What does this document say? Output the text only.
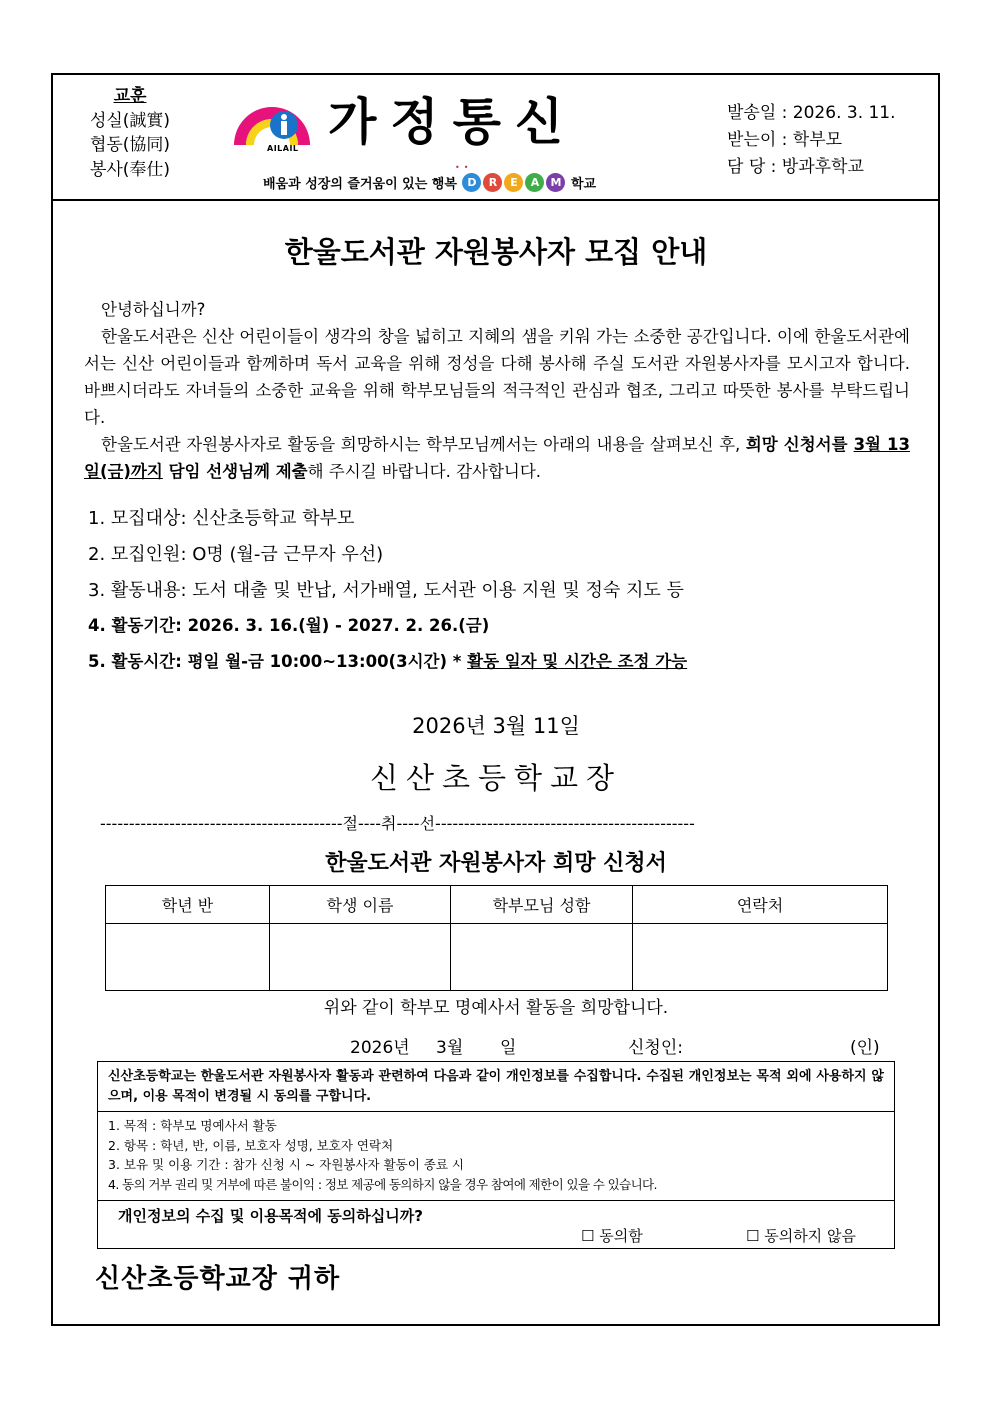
교훈
성실(誠實)
협동(協同)
봉사(奉仕)
AILAIL 가정통신
••
배움과 성장의 즐거움이 있는 행복
D	R	E	A	M
학교
발송일 : 2026. 3. 11.
받는이 : 학부모
담 당 : 방과후학교
한울도서관 자원봉사자 모집 안내

안녕하십니까?

한울도서관은 신산 어린이들이 생각의 창을 넓히고 지혜의 샘을 키워 가는 소중한 공간입니다. 이에 한울도서관에서는 신산 어린이들과 함께하며 독서 교육을 위해 정성을 다해 봉사해 주실 도서관 자원봉사자를 모시고자 합니다. 바쁘시더라도 자녀들의 소중한 교육을 위해 학부모님들의 적극적인 관심과 협조, 그리고 따뜻한 봉사를 부탁드립니다.

한울도서관 자원봉사자로 활동을 희망하시는 학부모님께서는 아래의 내용을 살펴보신 후, 희망 신청서를 3월 13일(금)까지 담임 선생님께 제출해 주시길 바랍니다. 감사합니다.

1. 모집대상: 신산초등학교 학부모
2. 모집인원: O명 (월-금 근무자 우선)
3. 활동내용: 도서 대출 및 반납, 서가배열, 도서관 이용 지원 및 정숙 지도 등
4. 활동기간: 2026. 3. 16.(월) - 2027. 2. 26.(금)
5. 활동시간: 평일 월-금 10:00~13:00(3시간) * 활동 일자 및 시간은 조정 가능
2026년 3월 11일
신산초등학교장
------------------------------------------절----취----선---------------------------------------------
한울도서관 자원봉사자 희망 신청서
학년 반	학생 이름	학부모님 성함	연락처

위와 같이 학부모 명예사서 활동을 희망합니다.
2026년 3월 일	신청인:	(인)
신산초등학교는 한울도서관 자원봉사자 활동과 관련하여 다음과 같이 개인정보를 수집합니다. 수집된 개인정보는 목적 외에 사용하지 않으며, 이용 목적이 변경될 시 동의를 구합니다.
1. 목적 : 학부모 명예사서 활동
2. 항목 : 학년, 반, 이름, 보호자 성명, 보호자 연락처
3. 보유 및 이용 기간 : 참가 신청 시 ~ 자원봉사자 활동이 종료 시
4. 동의 거부 권리 및 거부에 따른 불이익 : 정보 제공에 동의하지 않을 경우 참여에 제한이 있을 수 있습니다.
개인정보의 수집 및 이용목적에 동의하십니까?
☐ 동의함	☐ 동의하지 않음
신산초등학교장 귀하
